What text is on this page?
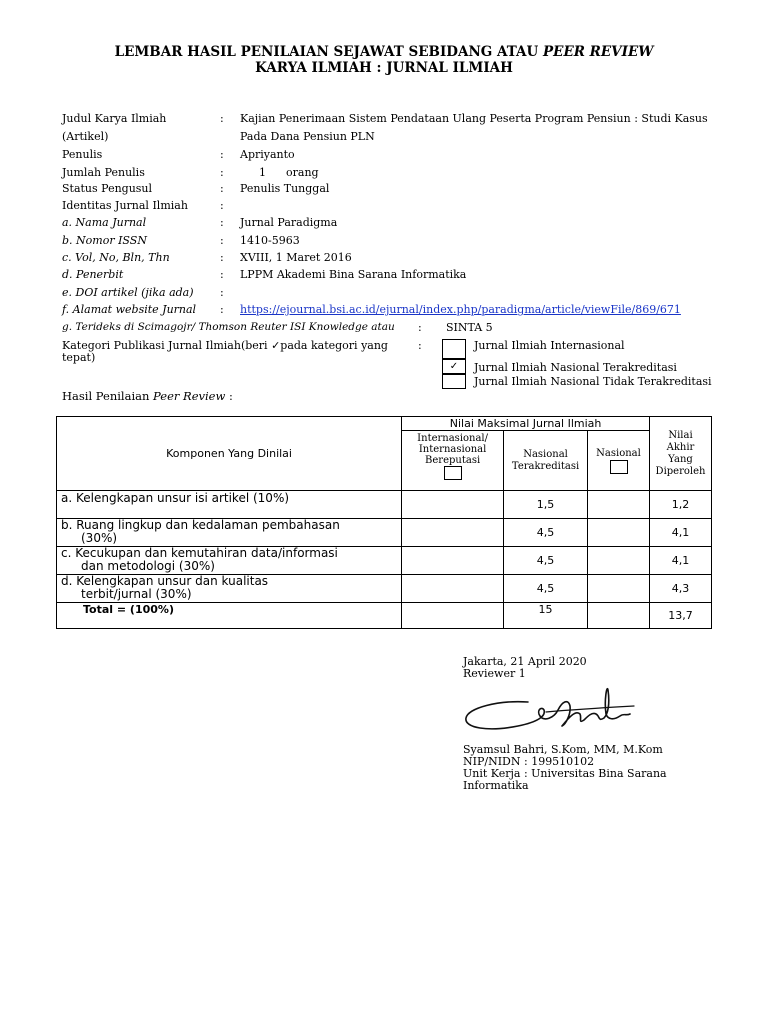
LEMBAR HASIL PENILAIAN SEJAWAT SEBIDANG ATAU PEER REVIEW
KARYA ILMIAH : JURNAL ILMIAH
Judul Karya Ilmiah	: Kajian Penerimaan Sistem Pendataan Ulang Peserta Program Pensiun : Studi Kasus
(Artikel)	Pada Dana Pensiun PLN
Penulis	: Apriyanto
Jumlah Penulis	:	1 orang
Status Pengusul	: Penulis Tunggal
Identitas Jurnal Ilmiah	:
a. Nama Jurnal	: Jurnal Paradigma
b. Nomor ISSN	: 1410-5963
c. Vol, No, Bln, Thn	: XVIII, 1 Maret 2016
d. Penerbit	: LPPM Akademi Bina Sarana Informatika
e. DOI artikel (jika ada) :
f. Alamat website Jurnal : https://ejournal.bsi.ac.id/ejurnal/index.php/paradigma/article/viewFile/869/671
g. Terideks di Scimagojr/ Thomson Reuter ISI Knowledge atau : SINTA 5
Kategori Publikasi Jurnal Ilmiah(beri ✓pada kategori yang
tepat)
:	Jurnal Ilmiah Internasional
✓	Jurnal Ilmiah Nasional Terakreditasi
Jurnal Ilmiah Nasional Tidak Terakreditasi
Hasil Penilaian Peer Review :
Komponen Yang Dinilai	Nilai Maksimal Jurnal Ilmiah			Nilai Akhir Yang Diperoleh

	Internasional/ Internasional Bereputasi	Nasional Terakreditasi	Nasional	

a. Kelengkapan unsur isi artikel (10%)		1,5		1,2

b. Ruang lingkup dan kedalaman pembahasan
(30%)		4,5		4,1

c. Kecukupan dan kemutahiran data/informasi
dan metodologi (30%)		4,5		4,1

d. Kelengkapan unsur dan kualitas
terbit/jurnal (30%)		4,5		4,3
Total = (100%)		15		13,7
Jakarta, 21 April 2020
Reviewer 1
Syamsul Bahri, S.Kom, MM, M.Kom
NIP/NIDN : 199510102
Unit Kerja : Universitas Bina Sarana
Informatika
